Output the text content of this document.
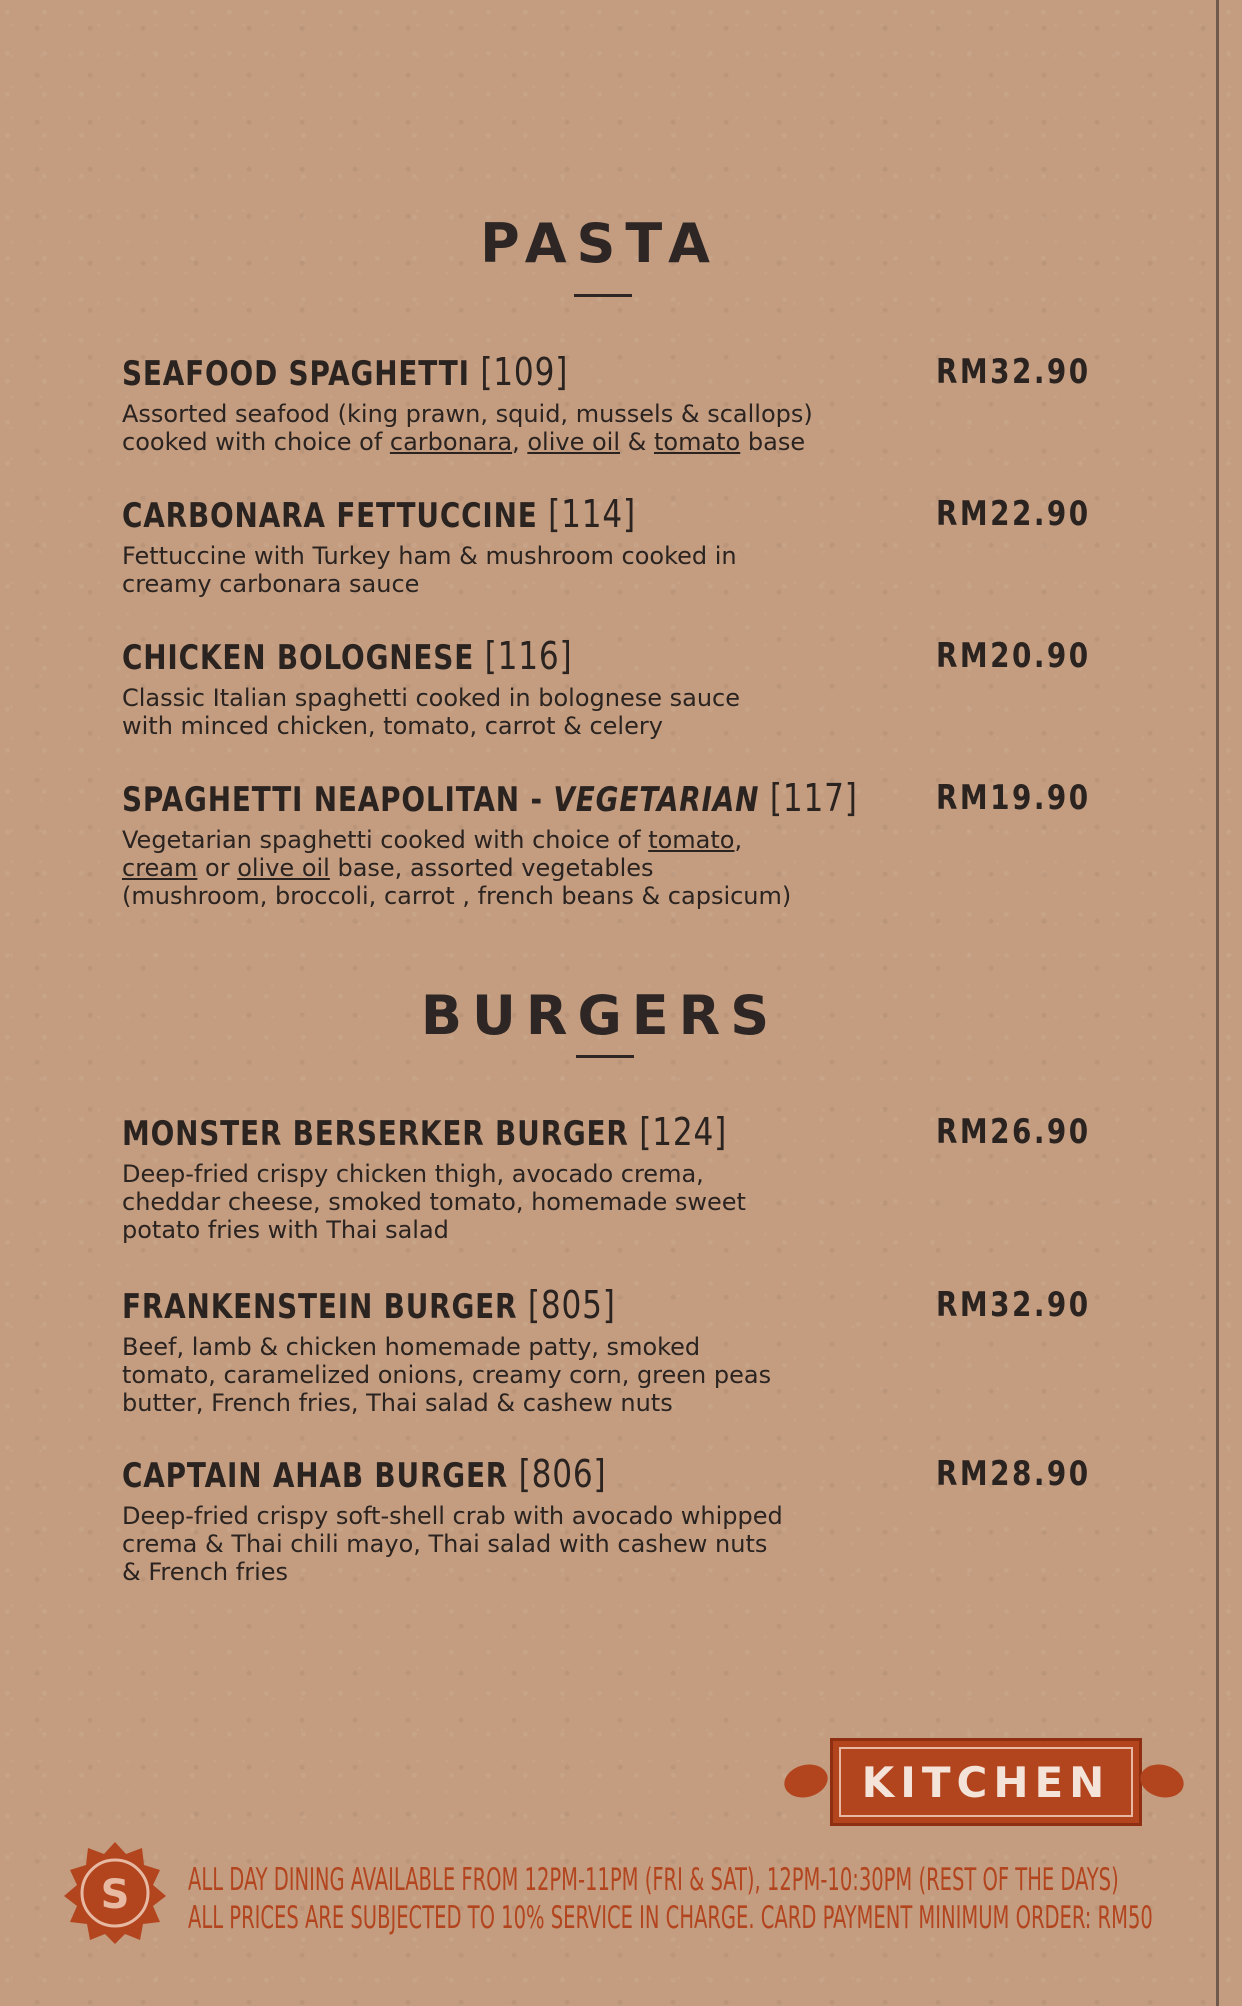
PASTA
SEAFOOD SPAGHETTI [109]	RM32.90
Assorted seafood (king prawn, squid, mussels & scallops)
cooked with choice of carbonara, olive oil & tomato base
CARBONARA FETTUCCINE [114]	RM22.90
Fettuccine with Turkey ham & mushroom cooked in
creamy carbonara sauce
CHICKEN BOLOGNESE [116]	RM20.90
Classic Italian spaghetti cooked in bolognese sauce
with minced chicken, tomato, carrot & celery
SPAGHETTI NEAPOLITAN - VEGETARIAN [117]	RM19.90
Vegetarian spaghetti cooked with choice of tomato,
cream or olive oil base, assorted vegetables
(mushroom, broccoli, carrot , french beans & capsicum)
BURGERS
MONSTER BERSERKER BURGER [124]	RM26.90
Deep-fried crispy chicken thigh, avocado crema,
cheddar cheese, smoked tomato, homemade sweet
potato fries with Thai salad
FRANKENSTEIN BURGER [805]	RM32.90
Beef, lamb & chicken homemade patty, smoked
tomato, caramelized onions, creamy corn, green peas
butter, French fries, Thai salad & cashew nuts
CAPTAIN AHAB BURGER [806]	RM28.90
Deep-fried crispy soft-shell crab with avocado whipped
crema & Thai chili mayo, Thai salad with cashew nuts
& French fries
KITCHEN
S ALL DAY DINING AVAILABLE FROM 12PM-11PM (FRI & SAT), 12PM-10:30PM (REST OF THE DAYS)
ALL PRICES ARE SUBJECTED TO 10% SERVICE IN CHARGE. CARD PAYMENT MINIMUM ORDER: RM50
